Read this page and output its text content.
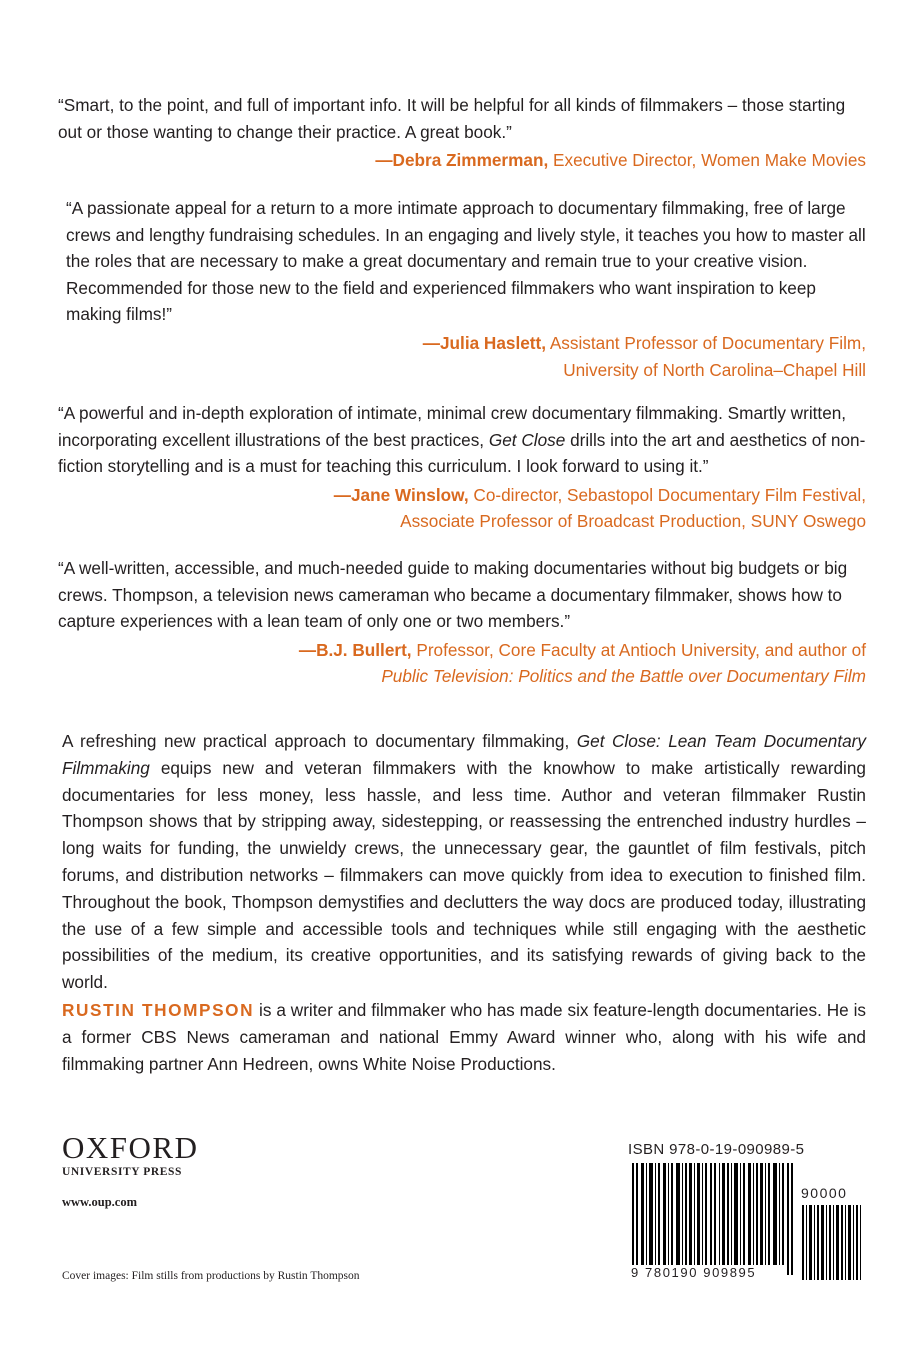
“Smart, to the point, and full of important info. It will be helpful for all kinds of filmmakers – those starting out or those wanting to change their practice. A great book.”

—Debra Zimmerman, Executive Director, Women Make Movies

“A passionate appeal for a return to a more intimate approach to documentary filmmaking, free of large crews and lengthy fundraising schedules. In an engaging and lively style, it teaches you how to master all the roles that are necessary to make a great documentary and remain true to your creative vision. Recommended for those new to the field and experienced filmmakers who want inspiration to keep making films!”

—Julia Haslett, Assistant Professor of Documentary Film,
University of North Carolina–Chapel Hill

“A powerful and in-depth exploration of intimate, minimal crew documentary filmmaking. Smartly written, incorporating excellent illustrations of the best practices, Get Close drills into the art and aesthetics of non-fiction storytelling and is a must for teaching this curriculum. I look forward to using it.”

—Jane Winslow, Co-director, Sebastopol Documentary Film Festival,
Associate Professor of Broadcast Production, SUNY Oswego

“A well-written, accessible, and much-needed guide to making documentaries without big budgets or big crews. Thompson, a television news cameraman who became a documentary filmmaker, shows how to capture experiences with a lean team of only one or two members.”

—B.J. Bullert, Professor, Core Faculty at Antioch University, and author of
Public Television: Politics and the Battle over Documentary Film

A refreshing new practical approach to documentary filmmaking, Get Close: Lean Team Documentary Filmmaking equips new and veteran filmmakers with the knowhow to make artistically rewarding documentaries for less money, less hassle, and less time. Author and veteran filmmaker Rustin Thompson shows that by stripping away, sidestepping, or reassessing the entrenched industry hurdles – long waits for funding, the unwieldy crews, the unnecessary gear, the gauntlet of film festivals, pitch forums, and distribution networks – filmmakers can move quickly from idea to execution to finished film. Throughout the book, Thompson demystifies and declutters the way docs are produced today, illustrating the use of a few simple and accessible tools and techniques while still engaging with the aesthetic possibilities of the medium, its creative opportunities, and its satisfying rewards of giving back to the world.

RUSTIN THOMPSON is a writer and filmmaker who has made six feature-length documentaries. He is a former CBS News cameraman and national Emmy Award winner who, along with his wife and filmmaking partner Ann Hedreen, owns White Noise Productions.

OXFORD
UNIVERSITY PRESS
www.oup.com
Cover images: Film stills from productions by Rustin Thompson
ISBN 978-0-19-090989-5
90000
9 780190 909895
